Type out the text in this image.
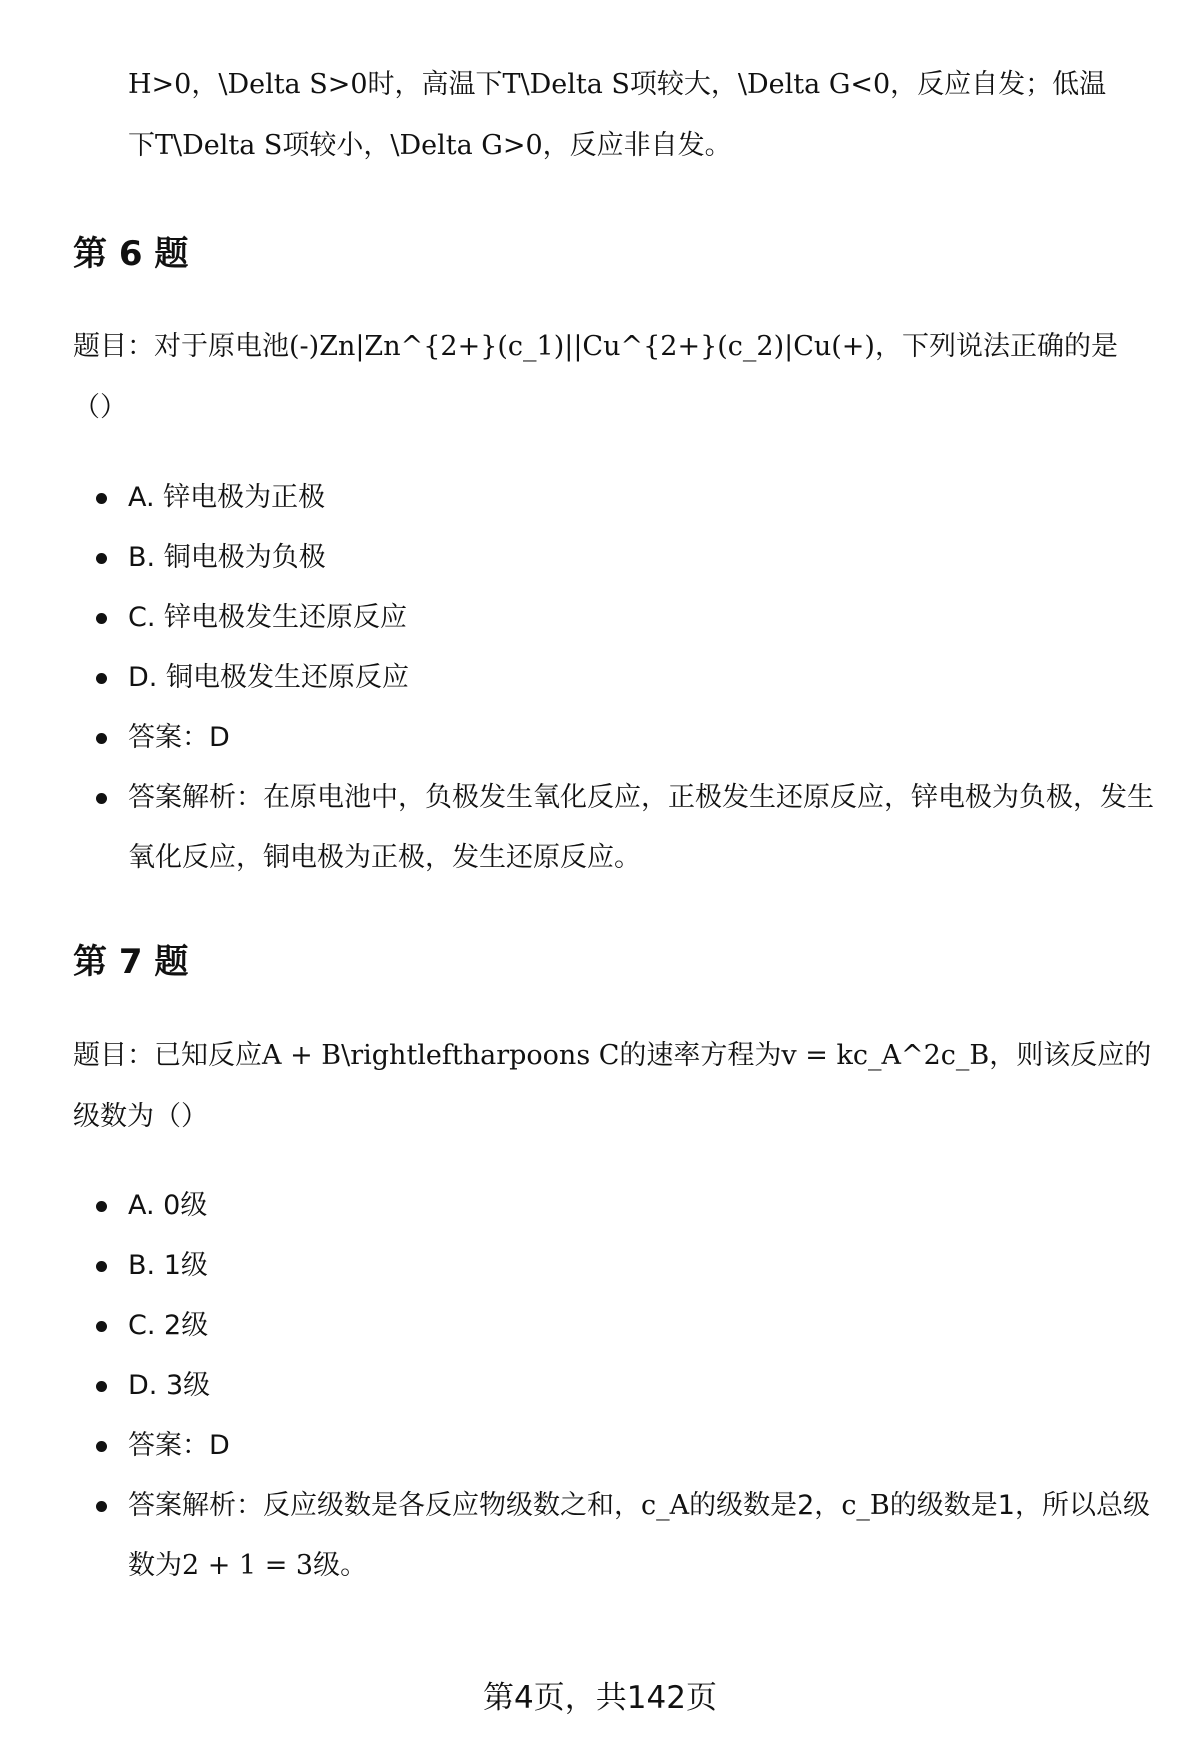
H>0，\Delta S>0时，高温下T\Delta S项较大，\Delta G<0，反应自发；低温
下T\Delta S项较小，\Delta G>0，反应非自发。
第 6 题

题目：对于原电池(-)Zn|Zn^{2+}(c_1)||Cu^{2+}(c_2)|Cu(+)，下列说法正确的是（）

A. 锌电极为正极
B. 铜电极为负极
C. 锌电极发生还原反应
D. 铜电极发生还原反应
答案：D
答案解析：在原电池中，负极发生氧化反应，正极发生还原反应，锌电极为负极，发生氧化反应，铜电极为正极，发生还原反应。
第 7 题

题目：已知反应A + B\rightleftharpoons C的速率方程为v = kc_A^2c_B，则该反应的级数为（）

A. 0级
B. 1级
C. 2级
D. 3级
答案：D
答案解析：反应级数是各反应物级数之和，c_A的级数是2，c_B的级数是1，所以总级数为2 + 1 = 3级。
第4页，共142页
